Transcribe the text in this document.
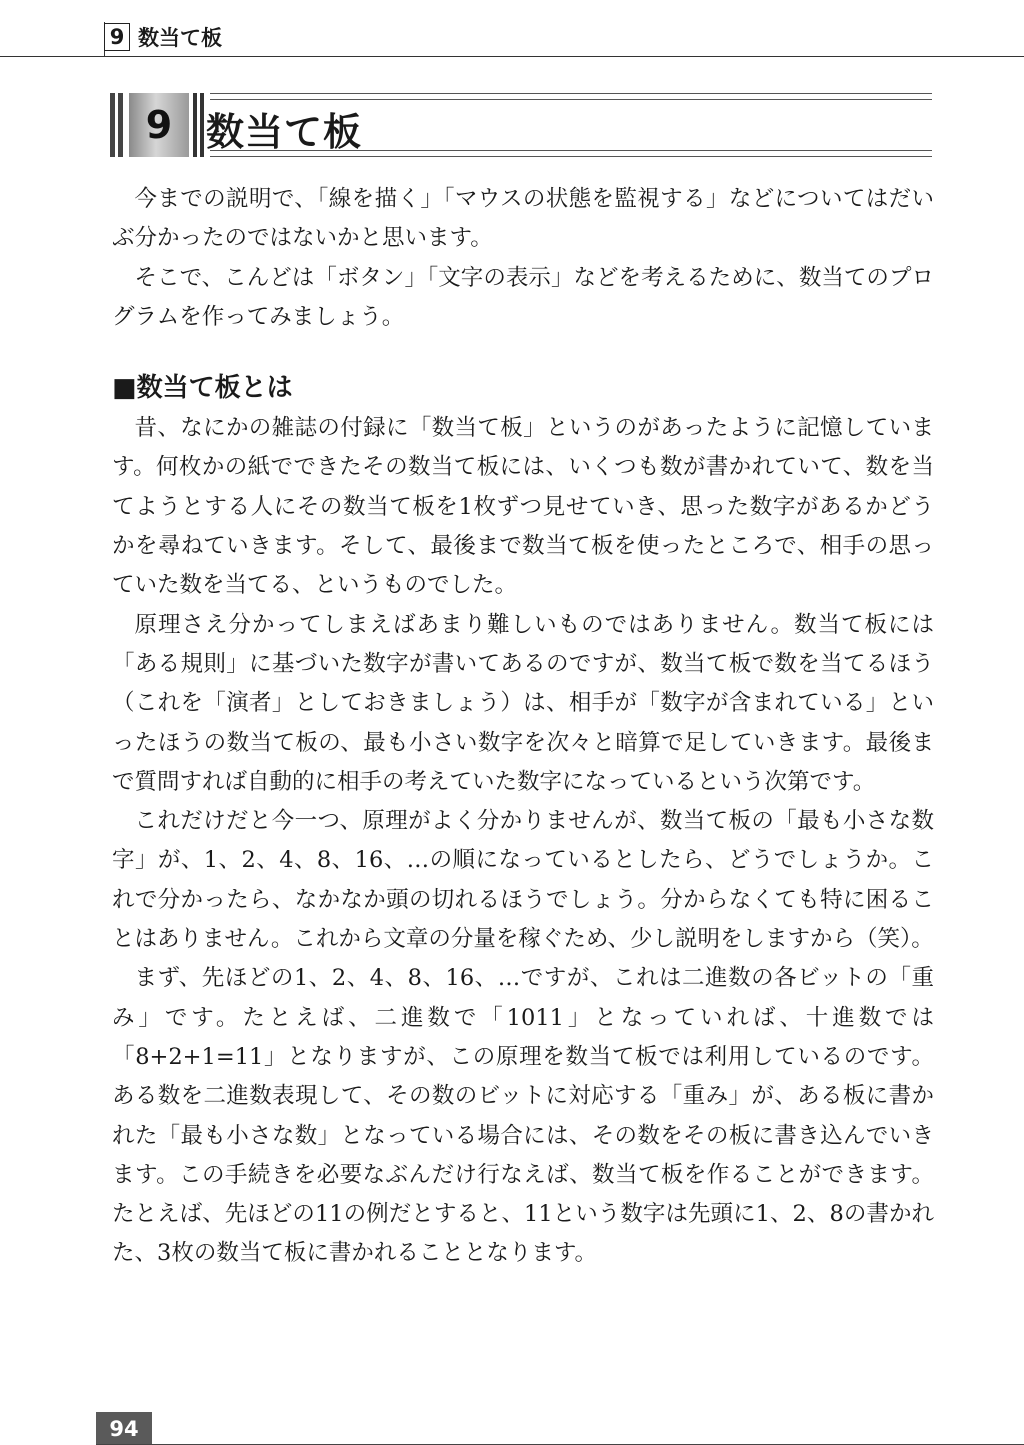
9 数当て板
9 数当て板

今までの説明で、「線を描く」「マウスの状態を監視する」などについてはだいぶ分かったのではないかと思います。

そこで、こんどは「ボタン」「文字の表示」などを考えるために、数当てのプログラムを作ってみましょう。

■数当て板とは

昔、なにかの雑誌の付録に「数当て板」というのがあったように記憶しています。何枚かの紙でできたその数当て板には、いくつも数が書かれていて、数を当てようとする人にその数当て板を1枚ずつ見せていき、思った数字があるかどうかを尋ねていきます。そして、最後まで数当て板を使ったところで、相手の思っていた数を当てる、というものでした。

原理さえ分かってしまえばあまり難しいものではありません。数当て板には「ある規則」に基づいた数字が書いてあるのですが、数当て板で数を当てるほう（これを「演者」としておきましょう）は、相手が「数字が含まれている」といったほうの数当て板の、最も小さい数字を次々と暗算で足していきます。最後まで質問すれば自動的に相手の考えていた数字になっているという次第です。

これだけだと今一つ、原理がよく分かりませんが、数当て板の「最も小さな数字」が、1、2、4、8、16、…の順になっているとしたら、どうでしょうか。これで分かったら、なかなか頭の切れるほうでしょう。分からなくても特に困ることはありません。これから文章の分量を稼ぐため、少し説明をしますから（笑）。

まず、先ほどの1、2、4、8、16、…ですが、これは二進数の各ビットの「重み」です。たとえば、二進数で「1011」となっていれば、十進数では「8+2+1=11」となりますが、この原理を数当て板では利用しているのです。ある数を二進数表現して、その数のビットに対応する「重み」が、ある板に書かれた「最も小さな数」となっている場合には、その数をその板に書き込んでいきます。この手続きを必要なぶんだけ行なえば、数当て板を作ることができます。たとえば、先ほどの11の例だとすると、11という数字は先頭に1、2、8の書かれた、3枚の数当て板に書かれることとなります。

94
